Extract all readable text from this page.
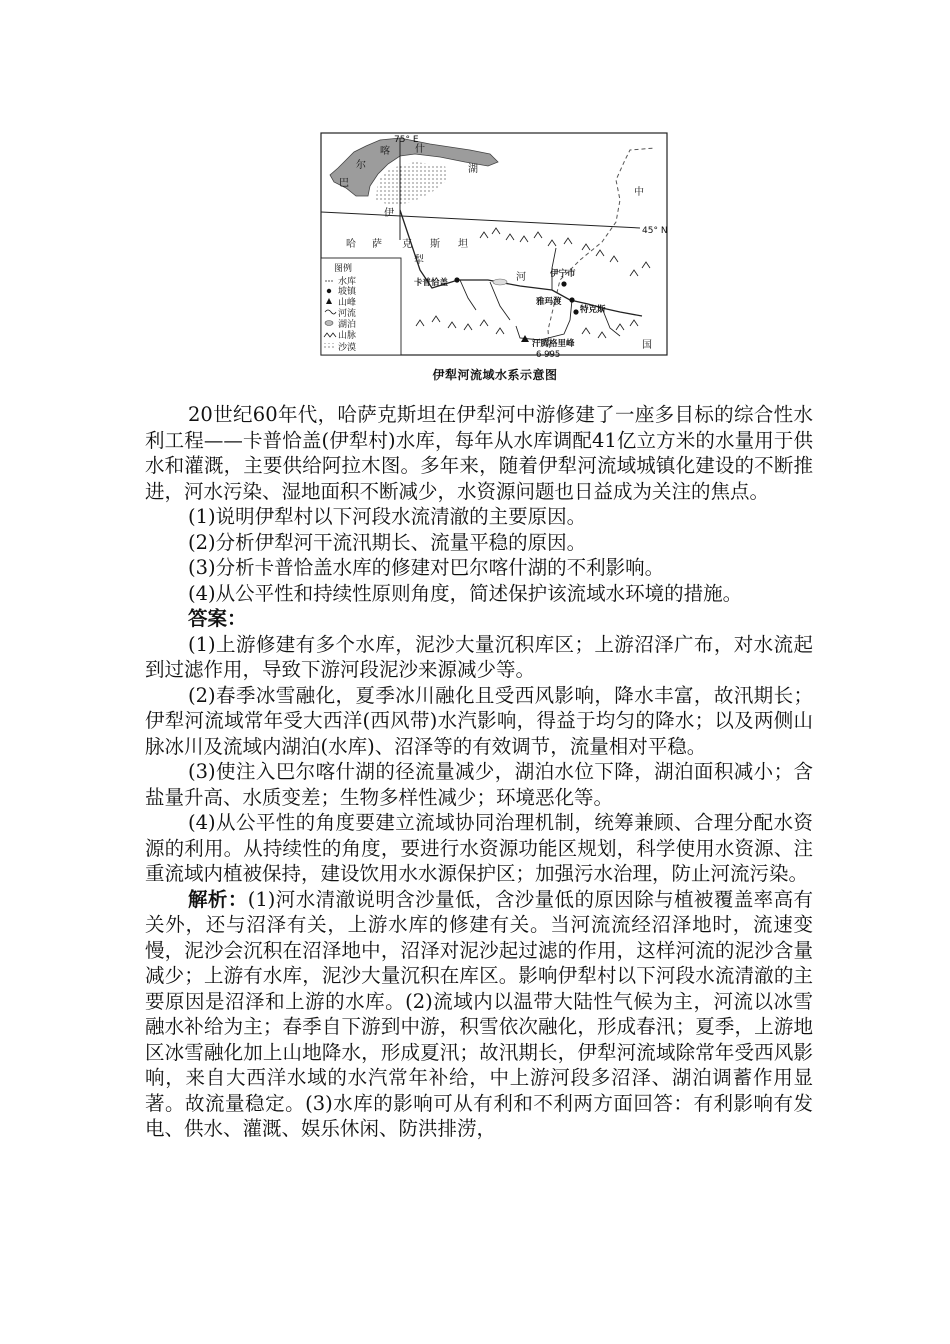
图例
水库
坡镇
山峰
河流
湖泊
山脉
沙漠
75° E
45° N
巴
尔
喀	什
湖
伊
犁
河
哈 萨 克 斯 坦
中
国
卡普恰盖
伊宁市
雅玛渡
特克斯
汗腾格里峰
6 995
伊犁河流域水系示意图

20世纪60年代，哈萨克斯坦在伊犁河中游修建了一座多目标的综合性水利工程——卡普恰盖(伊犁村)水库，每年从水库调配41亿立方米的水量用于供水和灌溉，主要供给阿拉木图。多年来，随着伊犁河流域城镇化建设的不断推进，河水污染、湿地面积不断减少，水资源问题也日益成为关注的焦点。

(1)说明伊犁村以下河段水流清澈的主要原因。

(2)分析伊犁河干流汛期长、流量平稳的原因。

(3)分析卡普恰盖水库的修建对巴尔喀什湖的不利影响。

(4)从公平性和持续性原则角度，简述保护该流域水环境的措施。

答案：

(1)上游修建有多个水库，泥沙大量沉积库区；上游沼泽广布，对水流起到过滤作用，导致下游河段泥沙来源减少等。

(2)春季冰雪融化，夏季冰川融化且受西风影响，降水丰富，故汛期长；伊犁河流域常年受大西洋(西风带)水汽影响，得益于均匀的降水；以及两侧山脉冰川及流域内湖泊(水库)、沼泽等的有效调节，流量相对平稳。

(3)使注入巴尔喀什湖的径流量减少，湖泊水位下降，湖泊面积减小；含盐量升高、水质变差；生物多样性减少；环境恶化等。

(4)从公平性的角度要建立流域协同治理机制，统筹兼顾、合理分配水资源的利用。从持续性的角度，要进行水资源功能区规划，科学使用水资源、注重流域内植被保持，建设饮用水水源保护区；加强污水治理，防止河流污染。

解析：(1)河水清澈说明含沙量低，含沙量低的原因除与植被覆盖率高有关外，还与沼泽有关，上游水库的修建有关。当河流流经沼泽地时，流速变慢，泥沙会沉积在沼泽地中，沼泽对泥沙起过滤的作用，这样河流的泥沙含量减少；上游有水库，泥沙大量沉积在库区。影响伊犁村以下河段水流清澈的主要原因是沼泽和上游的水库。(2)流域内以温带大陆性气候为主，河流以冰雪融水补给为主；春季自下游到中游，积雪依次融化，形成春汛；夏季，上游地区冰雪融化加上山地降水，形成夏汛；故汛期长，伊犁河流域除常年受西风影响，来自大西洋水域的水汽常年补给，中上游河段多沼泽、湖泊调蓄作用显著。故流量稳定。(3)水库的影响可从有利和不利两方面回答：有利影响有发电、供水、灌溉、娱乐休闲、防洪排涝，
